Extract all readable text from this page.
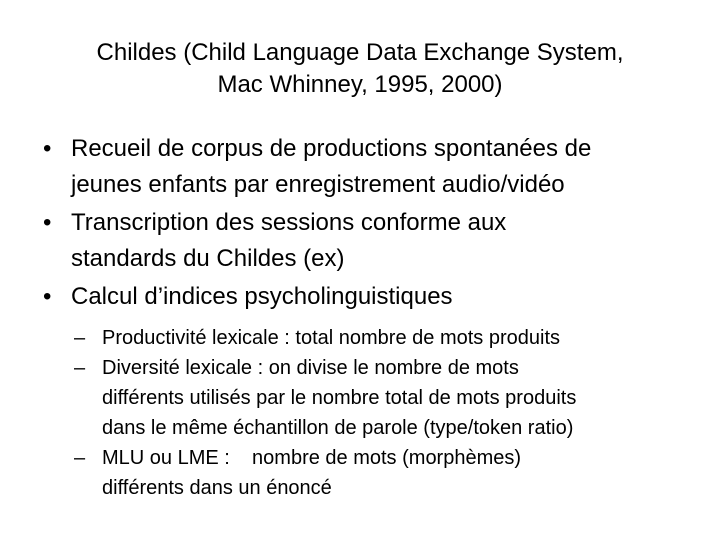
Childes (Child Language Data Exchange System,
Mac Whinney, 1995, 2000)
• Recueil de corpus de productions spontanées de
jeunes enfants par enregistrement audio/vidéo
• Transcription des sessions conforme aux
standards du Childes (ex)
• Calcul d’indices psycholinguistiques
– Productivité lexicale : total nombre de mots produits
– Diversité lexicale : on divise le nombre de mots
différents utilisés par le nombre total de mots produits
dans le même échantillon de parole (type/token ratio)
– MLU ou LME :    nombre de mots (morphèmes)
différents dans un énoncé
